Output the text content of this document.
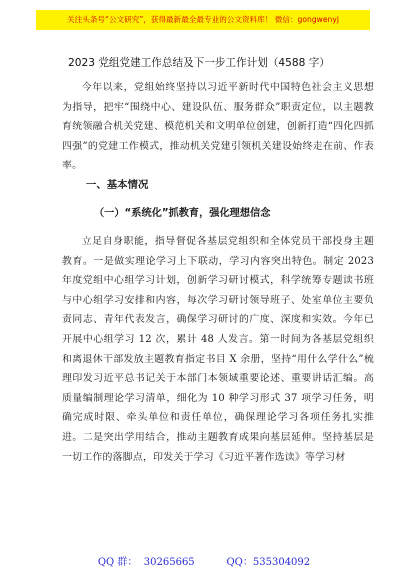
关注头条号“公文研究”，获得最新最全最专业的公文资料库！ 微信：gongwenyj
2023 党组党建工作总结及下一步工作计划（4588 字）

今年以来，党组始终坚持以习近平新时代中国特色社会主义思想为指导，把牢“围绕中心、建设队伍、服务群众”职责定位，以主题教育统领融合机关党建、模范机关和文明单位创建，创新打造“四化四抓四强”的党建工作模式，推动机关党建引领机关建设始终走在前、作表率。

一、基本情况
（一）“系统化”抓教育，强化理想信念

立足自身职能，指导督促各基层党组织和全体党员干部投身主题教育。一是做实理论学习上下联动，学习内容突出特色。制定 2023 年度党组中心组学习计划，创新学习研讨模式，科学统筹专题读书班与中心组学习安排和内容，每次学习研讨领导班子、处室单位主要负责同志、青年代表发言，确保学习研讨的广度、深度和实效。今年已开展中心组学习 12 次，累计 48 人发言。第一时间为各基层党组织和离退休干部发放主题教育指定书目 X 余册，坚持“用什么学什么”梳理印发习近平总书记关于本部门本领域重要论述、重要讲话汇编。高质量编制理论学习清单，细化为 10 种学习形式 37 项学习任务，明确完成时限、牵头单位和责任单位，确保理论学习各项任务扎实推进。二是突出学用结合，推动主题教育成果向基层延伸。坚持基层是一切工作的落脚点，印发关于学习《习近平著作选读》等学习材

QQ 群：  30265665	QQ：535304092
